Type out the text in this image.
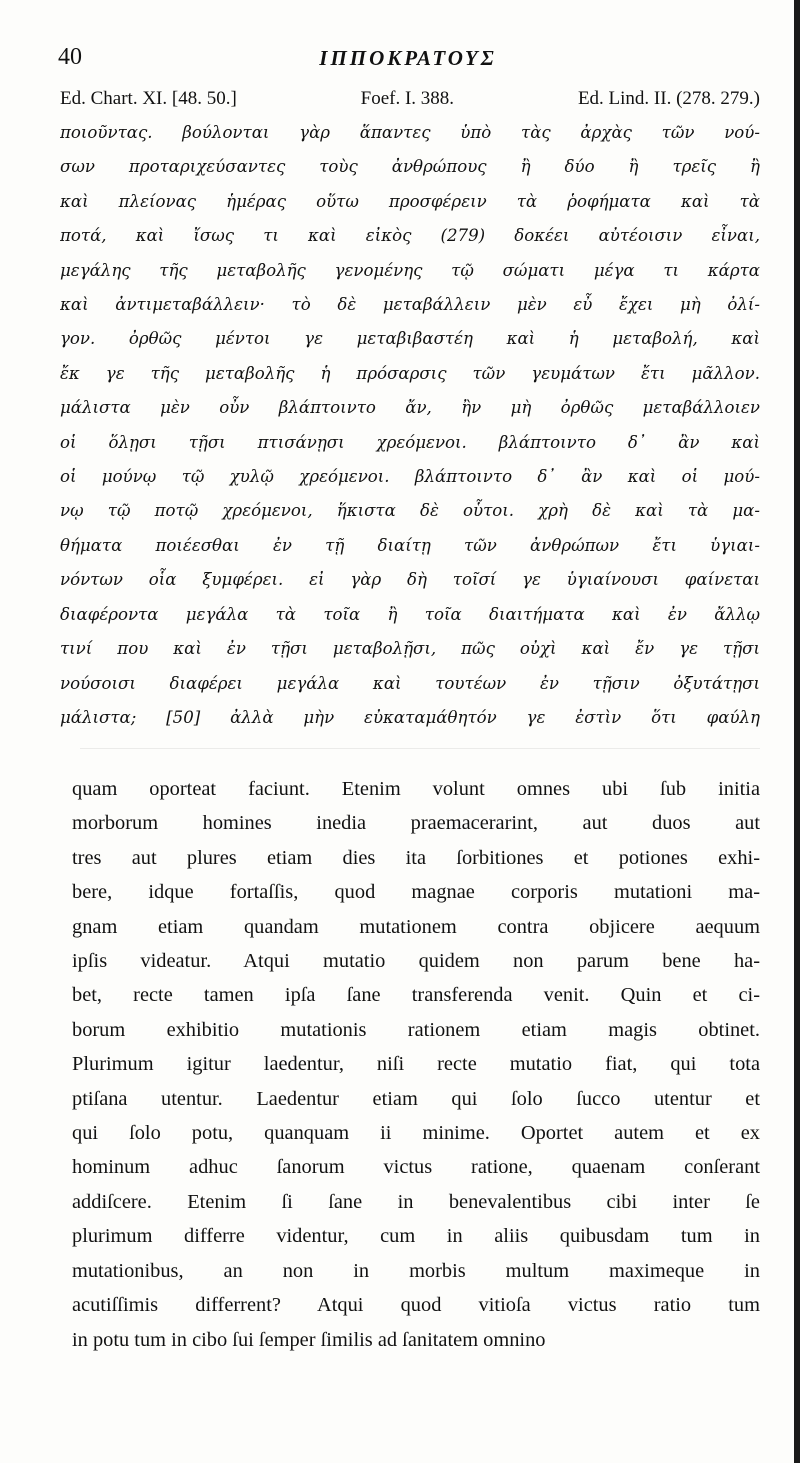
40	ΙΠΠΟΚΡΑΤΟΥΣ
Ed. Chart. XI. [48. 50.]	Foef. I. 388.	Ed. Lind. II. (278. 279.)
ποιοῦντας. βούλονται γὰρ ἅπαντες ὑπὸ τὰς ἀρχὰς τῶν νού-
σων προταριχεύσαντες τοὺς ἀνθρώπους ἢ δύο ἢ τρεῖς ἢ
καὶ πλείονας ἡμέρας οὕτω προσφέρειν τὰ ῥοφήματα καὶ τὰ
ποτά, καὶ ἴσως τι καὶ εἰκὸς (279) δοκέει αὐτέοισιν εἶναι,
μεγάλης τῆς μεταβολῆς γενομένης τῷ σώματι μέγα τι κάρτα
καὶ ἀντιμεταβάλλειν· τὸ δὲ μεταβάλλειν μὲν εὖ ἔχει μὴ ὀλί-
γον. ὀρθῶς μέντοι γε μεταβιβαστέη καὶ ἡ μεταβολή, καὶ
ἔκ γε τῆς μεταβολῆς ἡ πρόσαρσις τῶν γευμάτων ἔτι μᾶλλον.
μάλιστα μὲν οὖν βλάπτοιντο ἄν, ἢν μὴ ὀρθῶς μεταβάλλοιεν
οἱ ὅλῃσι τῇσι πτισάνῃσι χρεόμενοι. βλάπτοιντο δ᾽ ἂν καὶ
οἱ μούνῳ τῷ χυλῷ χρεόμενοι. βλάπτοιντο δ᾽ ἂν καὶ οἱ μού-
νῳ τῷ ποτῷ χρεόμενοι, ἥκιστα δὲ οὗτοι. χρὴ δὲ καὶ τὰ μα-
θήματα ποιέεσθαι ἐν τῇ διαίτῃ τῶν ἀνθρώπων ἔτι ὑγιαι-
νόντων οἷα ξυμφέρει. εἰ γὰρ δὴ τοῖσί γε ὑγιαίνουσι φαίνεται
διαφέροντα μεγάλα τὰ τοῖα ἢ τοῖα διαιτήματα καὶ ἐν ἄλλῳ
τινί που καὶ ἐν τῇσι μεταβολῇσι, πῶς οὐχὶ καὶ ἔν γε τῇσι
νούσοισι διαφέρει μεγάλα καὶ τουτέων ἐν τῇσιν ὀξυτάτῃσι
μάλιστα; [50] ἀλλὰ μὴν εὐκαταμάθητόν γε ἐστὶν ὅτι φαύλη
quam oporteat faciunt. Etenim volunt omnes ubi ſub initia
morborum homines inedia praemacerarint, aut duos aut
tres aut plures etiam dies ita ſorbitiones et potiones exhi-
bere, idque fortaſſis, quod magnae corporis mutationi ma-
gnam etiam quandam mutationem contra objicere aequum
ipſis videatur. Atqui mutatio quidem non parum bene ha-
bet, recte tamen ipſa ſane transferenda venit. Quin et ci-
borum exhibitio mutationis rationem etiam magis obtinet.
Plurimum igitur laedentur, niſi recte mutatio fiat, qui tota
ptiſana utentur. Laedentur etiam qui ſolo ſucco utentur et
qui ſolo potu, quanquam ii minime. Oportet autem et ex
hominum adhuc ſanorum victus ratione, quaenam conſerant
addiſcere. Etenim ſi ſane in benevalentibus cibi inter ſe
plurimum differre videntur, cum in aliis quibusdam tum in
mutationibus, an non in morbis multum maximeque in
acutiſſimis differrent? Atqui quod vitioſa victus ratio tum
in potu tum in cibo ſui ſemper ſimilis ad ſanitatem omnino
